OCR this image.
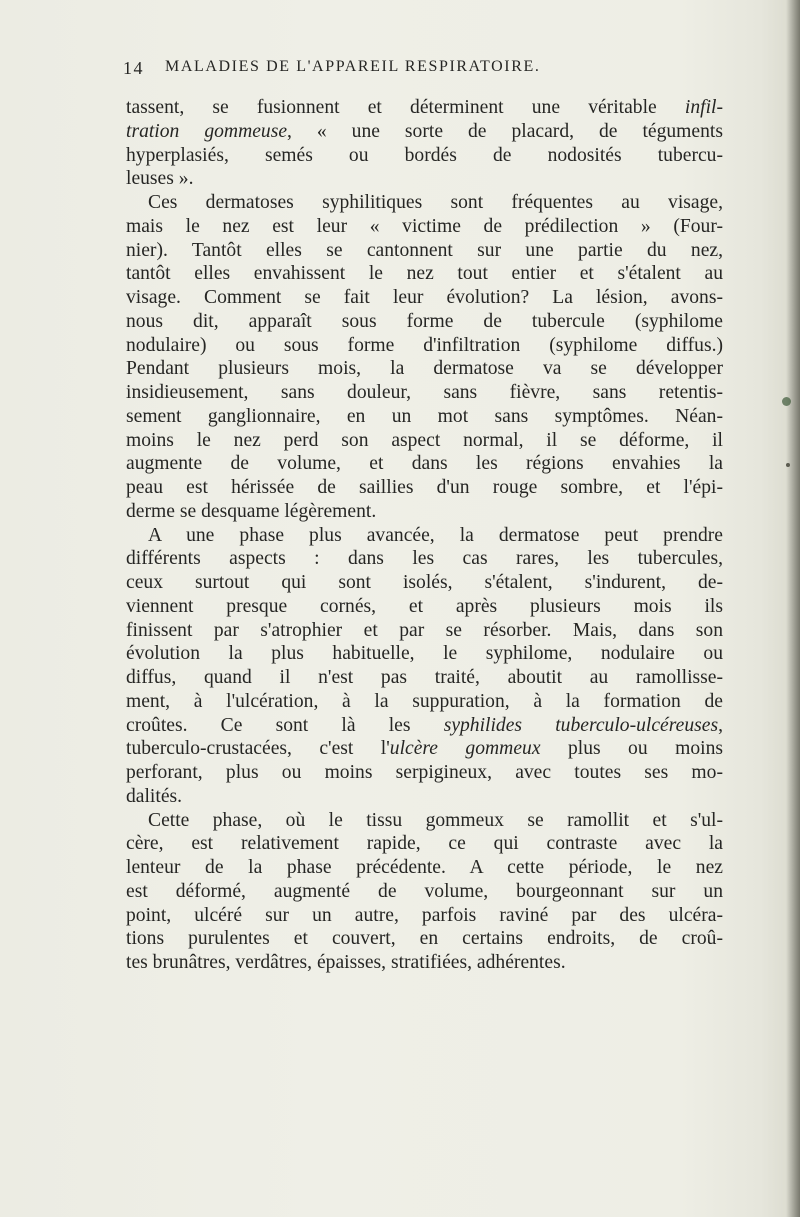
14 MALADIES DE L'APPAREIL RESPIRATOIRE.

tassent, se fusionnent et déterminent une véritable infil-
tration gommeuse, « une sorte de placard, de téguments
hyperplasiés, semés ou bordés de nodosités tubercu-
leuses ».

Ces dermatoses syphilitiques sont fréquentes au visage,
mais le nez est leur « victime de prédilection » (Four-
nier). Tantôt elles se cantonnent sur une partie du nez,
tantôt elles envahissent le nez tout entier et s'étalent au
visage. Comment se fait leur évolution? La lésion, avons-
nous dit, apparaît sous forme de tubercule (syphilome
nodulaire) ou sous forme d'infiltration (syphilome diffus.)
Pendant plusieurs mois, la dermatose va se développer
insidieusement, sans douleur, sans fièvre, sans retentis-
sement ganglionnaire, en un mot sans symptômes. Néan-
moins le nez perd son aspect normal, il se déforme, il
augmente de volume, et dans les régions envahies la
peau est hérissée de saillies d'un rouge sombre, et l'épi-
derme se desquame légèrement.

A une phase plus avancée, la dermatose peut prendre
différents aspects : dans les cas rares, les tubercules,
ceux surtout qui sont isolés, s'étalent, s'indurent, de-
viennent presque cornés, et après plusieurs mois ils
finissent par s'atrophier et par se résorber. Mais, dans son
évolution la plus habituelle, le syphilome, nodulaire ou
diffus, quand il n'est pas traité, aboutit au ramollisse-
ment, à l'ulcération, à la suppuration, à la formation de
croûtes. Ce sont là les syphilides tuberculo-ulcéreuses,
tuberculo-crustacées, c'est l'ulcère gommeux plus ou moins
perforant, plus ou moins serpigineux, avec toutes ses mo-
dalités.

Cette phase, où le tissu gommeux se ramollit et s'ul-
cère, est relativement rapide, ce qui contraste avec la
lenteur de la phase précédente. A cette période, le nez
est déformé, augmenté de volume, bourgeonnant sur un
point, ulcéré sur un autre, parfois raviné par des ulcéra-
tions purulentes et couvert, en certains endroits, de croû-
tes brunâtres, verdâtres, épaisses, stratifiées, adhérentes.
